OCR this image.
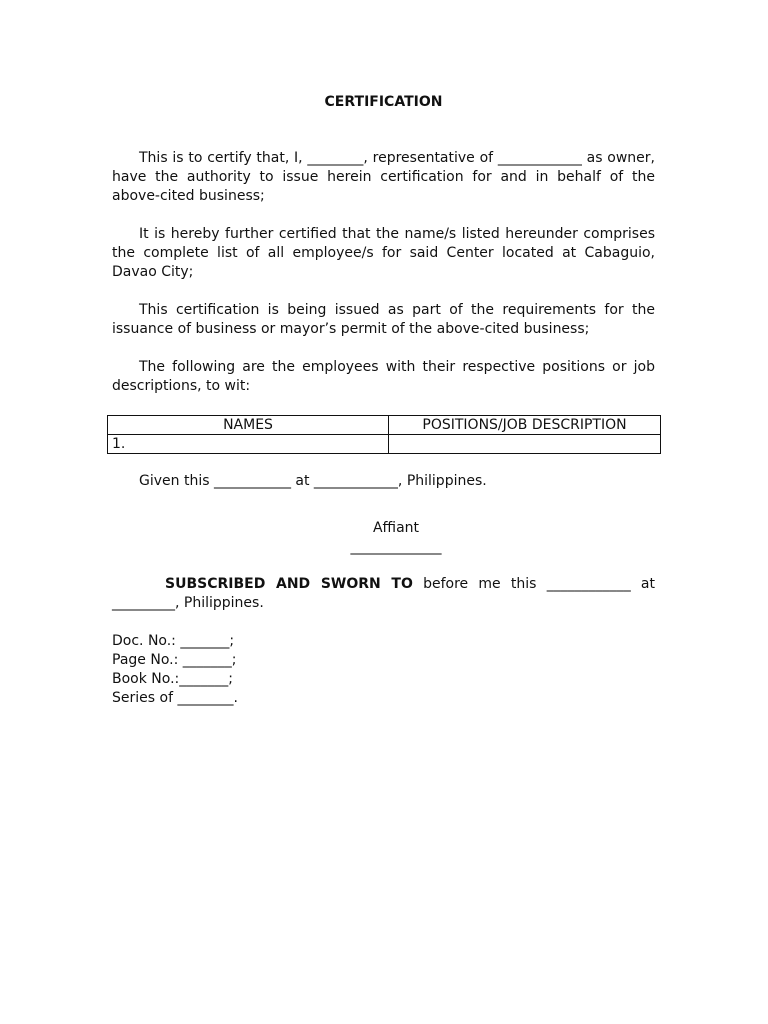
CERTIFICATION

This is to certify that, I, ________, representative of ____________ as owner, have the authority to issue herein certification for and in behalf of the above-cited business;

It is hereby further certified that the name/s listed hereunder comprises the complete list of all employee/s for said Center located at Cabaguio, Davao City;

This certification is being issued as part of the requirements for the issuance of business or mayor’s permit of the above-cited business;

The following are the employees with their respective positions or job descriptions, to wit:

NAMES	POSITIONS/JOB DESCRIPTION
1.	

Given this ___________ at ____________, Philippines.

Affiant

_____________

SUBSCRIBED AND SWORN TO before me this ____________ at _________, Philippines.

Doc. No.: _______;

Page No.: _______;

Book No.:_______;

Series of ________.
